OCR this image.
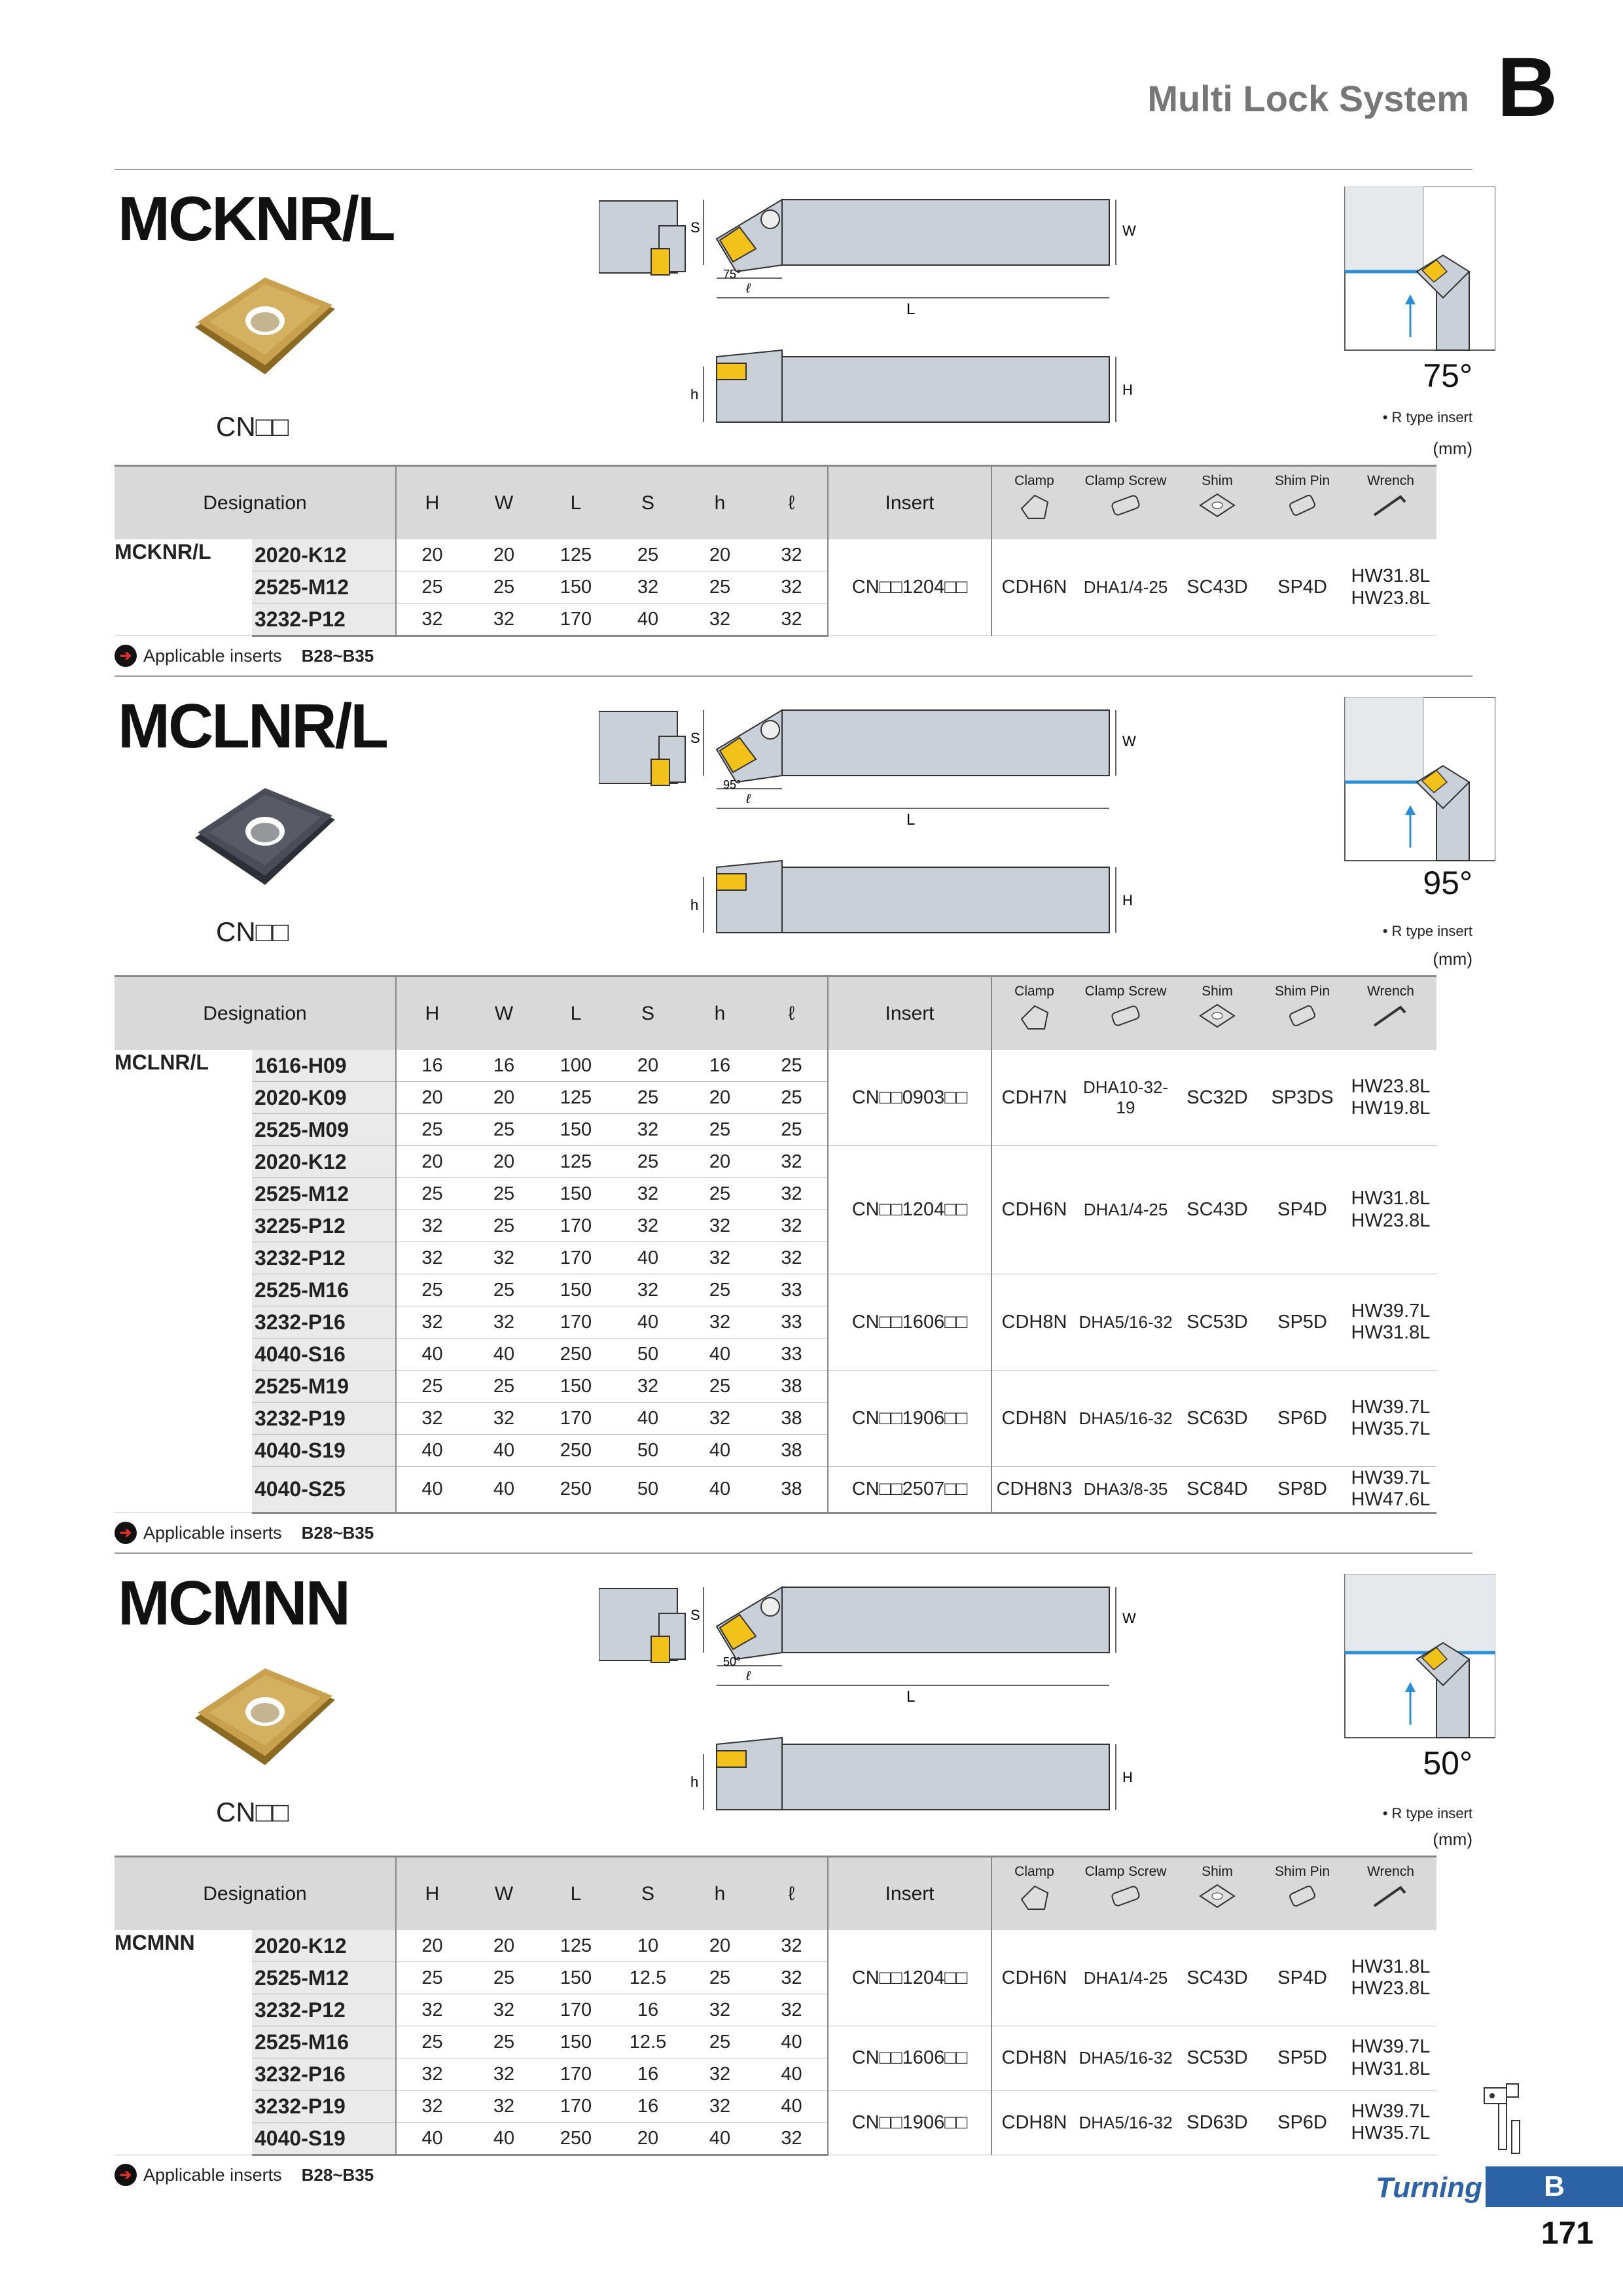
Multi Lock System B
MCKNR/L
CN□□
S	W
L
ℓ
75°
h	H	75°
• R type insert
(mm)
Designation		H	W	L	S	h	ℓ	Insert	Clamp	Clamp Screw	Shim	Shim Pin	Wrench

MCKNR/L	2020-K12	20	20	125	25	20	32	CN□□1204□□	CDH6N	DHA1/4-25	SC43D	SP4D	HW31.8L
HW23.8L

	2525-M12	25	25	150	32	25	32						
	3232-P12	32	32	170	40	32	32						
➔ Applicable inserts B28~B35
MCLNR/L
CN□□
S	W
L
ℓ
95°
h	H	95°
• R type insert
(mm)
Designation		H	W	L	S	h	ℓ	Insert	Clamp	Clamp Screw	Shim	Shim Pin	Wrench

MCLNR/L	1616-H09	16	16	100	20	16	25	CN□□0903□□	CDH7N	DHA10-32-19	SC32D	SP3DS	HW23.8L
HW19.8L

	2020-K09	20	20	125	25	20	25						
	2525-M09	25	25	150	32	25	25						
	2020-K12	20	20	125	25	20	32	CN□□1204□□	CDH6N	DHA1/4-25	SC43D	SP4D	HW31.8L
HW23.8L

	2525-M12	25	25	150	32	25	32						
	3225-P12	32	25	170	32	32	32						
	3232-P12	32	32	170	40	32	32						
	2525-M16	25	25	150	32	25	33	CN□□1606□□	CDH8N	DHA5/16-32	SC53D	SP5D	HW39.7L
HW31.8L

	3232-P16	32	32	170	40	32	33						
	4040-S16	40	40	250	50	40	33						
	2525-M19	25	25	150	32	25	38	CN□□1906□□	CDH8N	DHA5/16-32	SC63D	SP6D	HW39.7L
HW35.7L

	3232-P19	32	32	170	40	32	38						
	4040-S19	40	40	250	50	40	38						
	4040-S25	40	40	250	50	40	38	CN□□2507□□	CDH8N3	DHA3/8-35	SC84D	SP8D	HW39.7L
HW47.6L
➔ Applicable inserts B28~B35
MCMNN
CN□□
S	W
L
ℓ
50°
h	H	50°
• R type insert
(mm)
Designation		H	W	L	S	h	ℓ	Insert	Clamp	Clamp Screw	Shim	Shim Pin	Wrench

MCMNN	2020-K12	20	20	125	10	20	32	CN□□1204□□	CDH6N	DHA1/4-25	SC43D	SP4D	HW31.8L
HW23.8L

	2525-M12	25	25	150	12.5	25	32						
	3232-P12	32	32	170	16	32	32						
	2525-M16	25	25	150	12.5	25	40	CN□□1606□□	CDH8N	DHA5/16-32	SC53D	SP5D	HW39.7L
HW31.8L

	3232-P16	32	32	170	16	32	40						
	3232-P19	32	32	170	16	32	40	CN□□1906□□	CDH8N	DHA5/16-32	SD63D	SP6D	HW39.7L
HW35.7L

	4040-S19	40	40	250	20	40	32						
➔ Applicable inserts B28~B35	Turning	B
171
